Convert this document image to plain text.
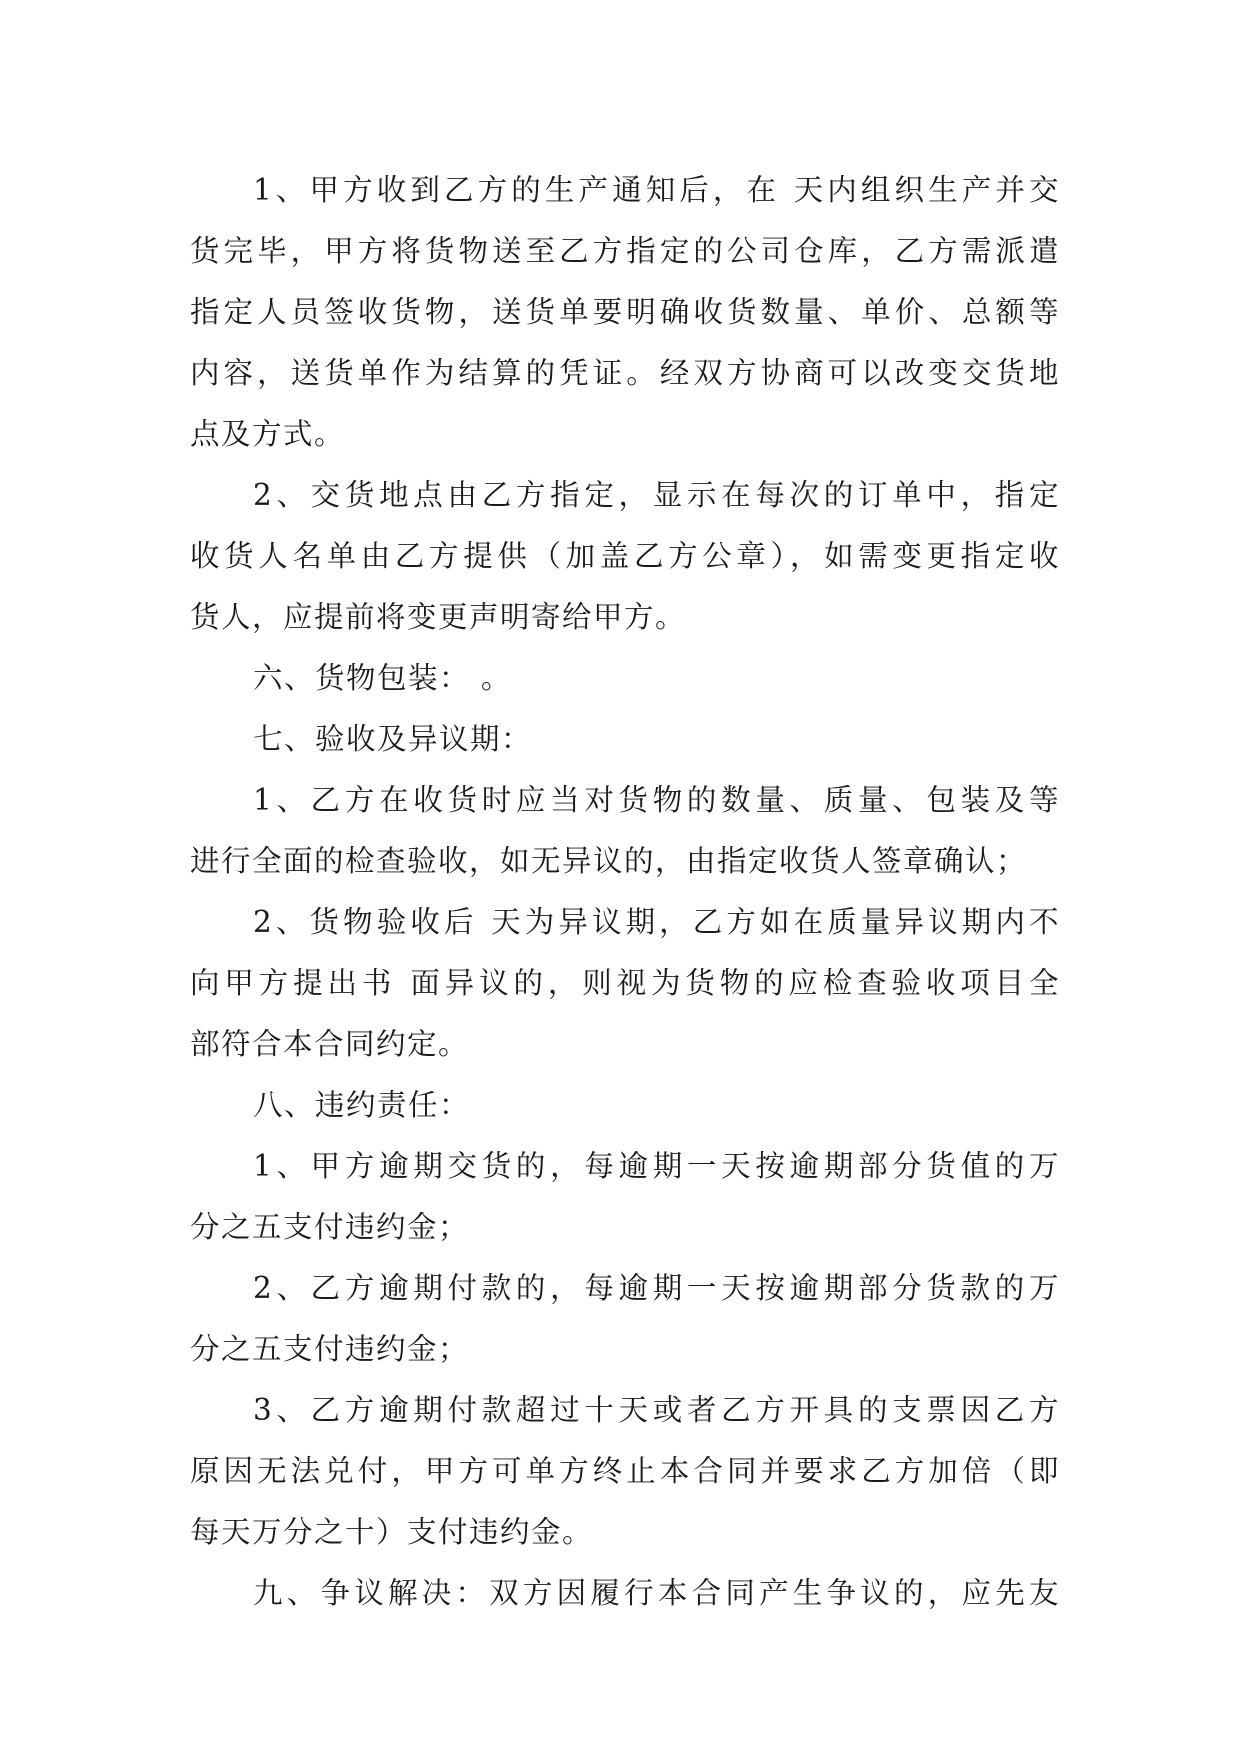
1、甲方收到乙方的生产通知后，在 天内组织生产并交
货完毕，甲方将货物送至乙方指定的公司仓库，乙方需派遣
指定人员签收货物，送货单要明确收货数量、单价、总额等
内容，送货单作为结算的凭证。经双方协商可以改变交货地
点及方式。
2、交货地点由乙方指定，显示在每次的订单中，指定
收货人名单由乙方提供（加盖乙方公章），如需变更指定收
货人，应提前将变更声明寄给甲方。
六、货物包装： 。
七、验收及异议期：
1、乙方在收货时应当对货物的数量、质量、包装及等
进行全面的检查验收，如无异议的，由指定收货人签章确认；
2、货物验收后 天为异议期，乙方如在质量异议期内不
向甲方提出书 面异议的，则视为货物的应检查验收项目全
部符合本合同约定。
八、违约责任：
1、甲方逾期交货的，每逾期一天按逾期部分货值的万
分之五支付违约金；
2、乙方逾期付款的，每逾期一天按逾期部分货款的万
分之五支付违约金；
3、乙方逾期付款超过十天或者乙方开具的支票因乙方
原因无法兑付，甲方可单方终止本合同并要求乙方加倍（即
每天万分之十）支付违约金。
九、争议解决：双方因履行本合同产生争议的，应先友
